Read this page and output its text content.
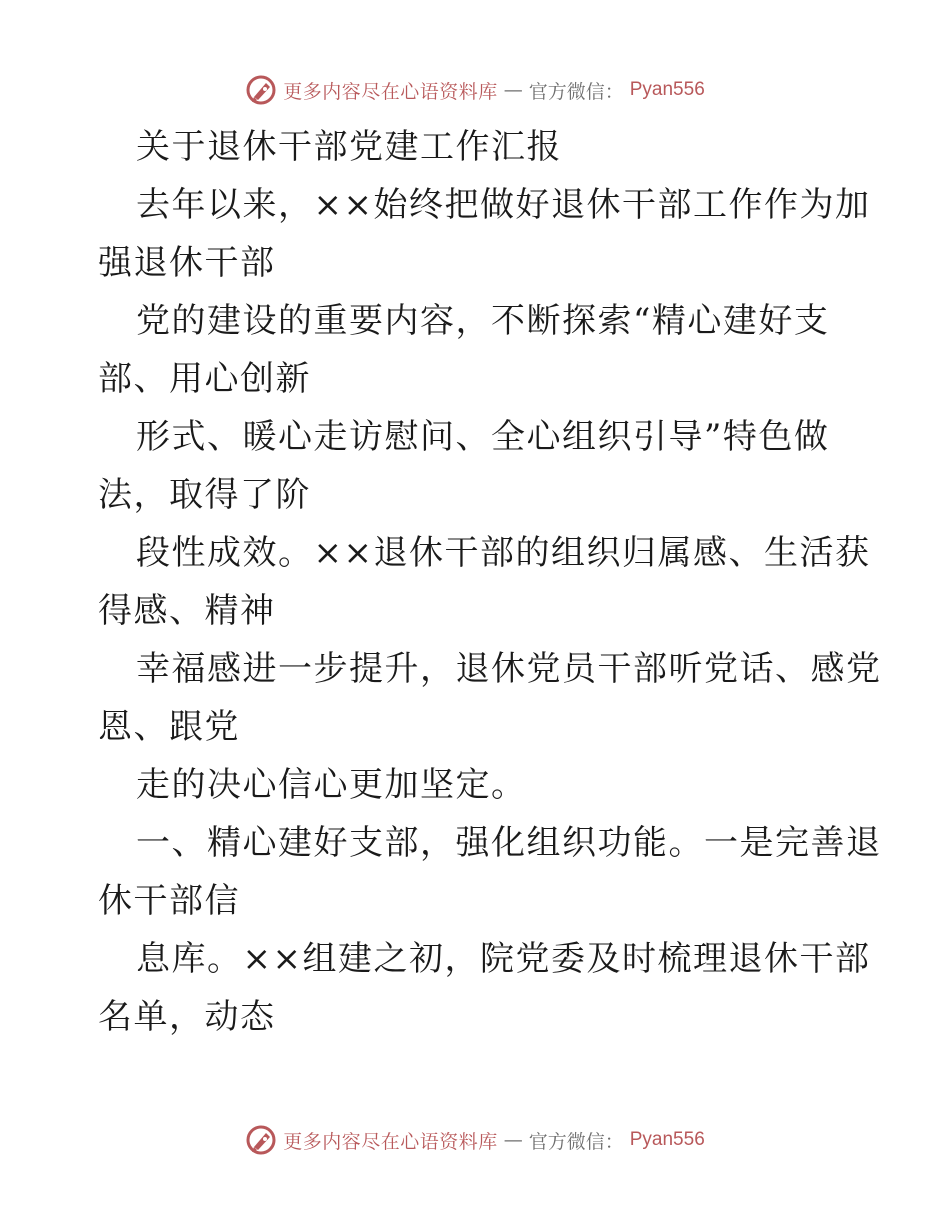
更多内容尽在心语资料库 — 官方微信： Pyan556
关于退休干部党建工作汇报
去年以来，××始终把做好退休干部工作作为加
强退休干部
党的建设的重要内容，不断探索“精心建好支
部、用心创新
形式、暖心走访慰问、全心组织引导”特色做
法，取得了阶
段性成效。××退休干部的组织归属感、生活获
得感、精神
幸福感进一步提升，退休党员干部听党话、感党
恩、跟党
走的决心信心更加坚定。
一、精心建好支部，强化组织功能。一是完善退
休干部信
息库。××组建之初，院党委及时梳理退休干部
名单，动态
更多内容尽在心语资料库 — 官方微信： Pyan556
